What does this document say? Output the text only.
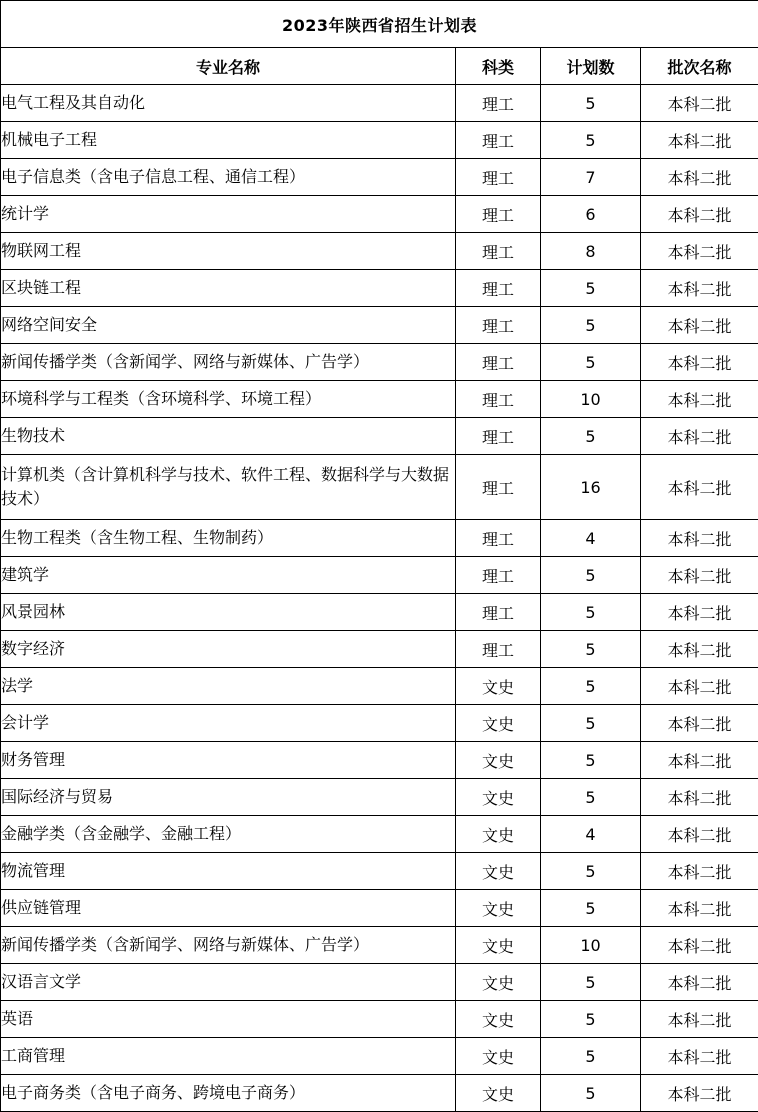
2023年陕西省招生计划表			
专业名称	科类	计划数	批次名称
电气工程及其自动化	理工	5	本科二批
机械电子工程	理工	5	本科二批
电子信息类（含电子信息工程、通信工程）	理工	7	本科二批
统计学	理工	6	本科二批
物联网工程	理工	8	本科二批
区块链工程	理工	5	本科二批
网络空间安全	理工	5	本科二批
新闻传播学类（含新闻学、网络与新媒体、广告学）	理工	5	本科二批
环境科学与工程类（含环境科学、环境工程）	理工	10	本科二批
生物技术	理工	5	本科二批
计算机类（含计算机科学与技术、软件工程、数据科学与大数据技术）	理工	16	本科二批
生物工程类（含生物工程、生物制药）	理工	4	本科二批
建筑学	理工	5	本科二批
风景园林	理工	5	本科二批
数字经济	理工	5	本科二批
法学	文史	5	本科二批
会计学	文史	5	本科二批
财务管理	文史	5	本科二批
国际经济与贸易	文史	5	本科二批
金融学类（含金融学、金融工程）	文史	4	本科二批
物流管理	文史	5	本科二批
供应链管理	文史	5	本科二批
新闻传播学类（含新闻学、网络与新媒体、广告学）	文史	10	本科二批
汉语言文学	文史	5	本科二批
英语	文史	5	本科二批
工商管理	文史	5	本科二批
电子商务类（含电子商务、跨境电子商务）	文史	5	本科二批
